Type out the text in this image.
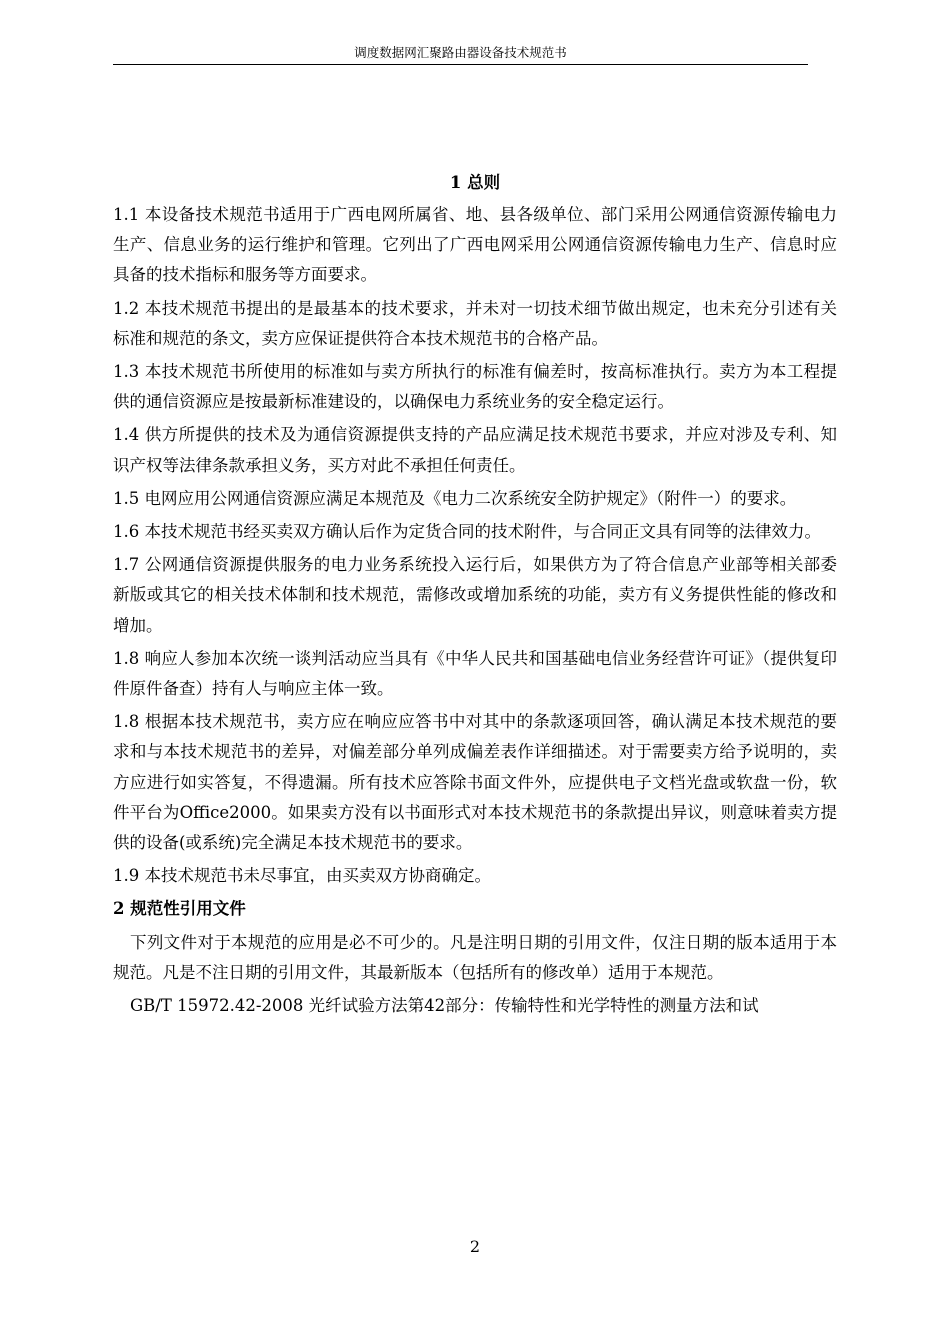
调度数据网汇聚路由器设备技术规范书
1 总则

1.1 本设备技术规范书适用于广西电网所属省、地、县各级单位、部门采用公网通信资源传输电力生产、信息业务的运行维护和管理。它列出了广西电网采用公网通信资源传输电力生产、信息时应具备的技术指标和服务等方面要求。

1.2 本技术规范书提出的是最基本的技术要求，并未对一切技术细节做出规定，也未充分引述有关标准和规范的条文，卖方应保证提供符合本技术规范书的合格产品。

1.3 本技术规范书所使用的标准如与卖方所执行的标准有偏差时，按高标准执行。卖方为本工程提供的通信资源应是按最新标准建设的，以确保电力系统业务的安全稳定运行。

1.4 供方所提供的技术及为通信资源提供支持的产品应满足技术规范书要求，并应对涉及专利、知识产权等法律条款承担义务，买方对此不承担任何责任。

1.5 电网应用公网通信资源应满足本规范及《电力二次系统安全防护规定》（附件一）的要求。

1.6 本技术规范书经买卖双方确认后作为定货合同的技术附件，与合同正文具有同等的法律效力。

1.7 公网通信资源提供服务的电力业务系统投入运行后，如果供方为了符合信息产业部等相关部委新版或其它的相关技术体制和技术规范，需修改或增加系统的功能，卖方有义务提供性能的修改和增加。

1.8 响应人参加本次统一谈判活动应当具有《中华人民共和国基础电信业务经营许可证》（提供复印件原件备查）持有人与响应主体一致。

1.8 根据本技术规范书，卖方应在响应应答书中对其中的条款逐项回答，确认满足本技术规范的要求和与本技术规范书的差异，对偏差部分单列成偏差表作详细描述。对于需要卖方给予说明的，卖方应进行如实答复，不得遗漏。所有技术应答除书面文件外，应提供电子文档光盘或软盘一份，软件平台为Office2000。如果卖方没有以书面形式对本技术规范书的条款提出异议，则意味着卖方提供的设备(或系统)完全满足本技术规范书的要求。

1.9 本技术规范书未尽事宜，由买卖双方协商确定。

2 规范性引用文件

下列文件对于本规范的应用是必不可少的。凡是注明日期的引用文件，仅注日期的版本适用于本规范。凡是不注日期的引用文件，其最新版本（包括所有的修改单）适用于本规范。

GB/T 15972.42-2008 光纤试验方法第42部分：传输特性和光学特性的测量方法和试

2
